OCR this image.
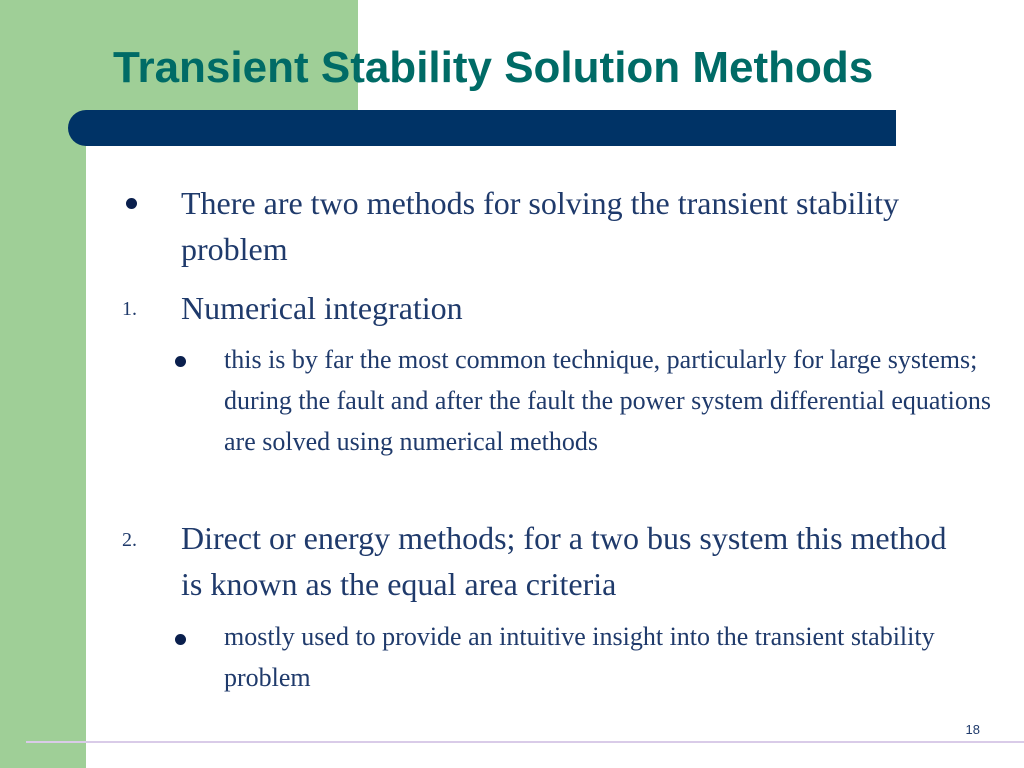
Transient Stability Solution Methods

There are two methods for solving the transient stability problem

1. Numerical integration

this is by far the most common technique, particularly for large systems; during the fault and after the fault the power system differential equations are solved using numerical methods

2. Direct or energy methods; for a two bus system this method is known as the equal area criteria

mostly used to provide an intuitive insight into the transient stability problem

18
